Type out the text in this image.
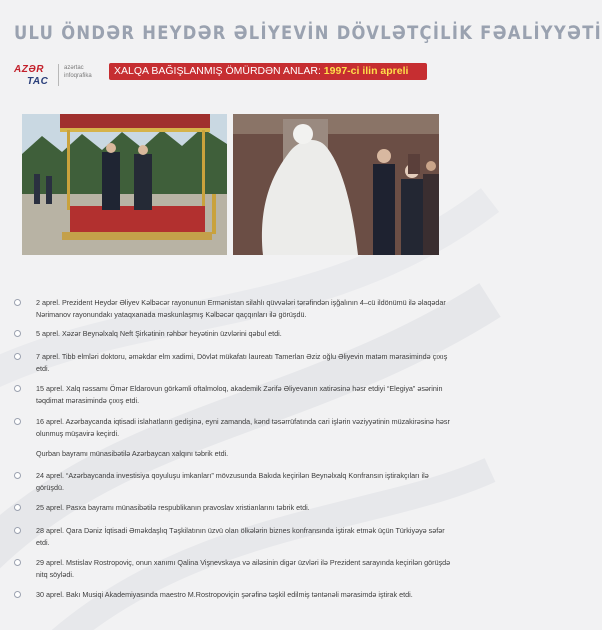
ULU ÖNDƏR HEYDƏR ƏLİYEVİN DÖVLƏTÇİLİK FƏALİYYƏTİ
AZƏR
TAC
azərtac
infoqrafika	XALQA BAĞIŞLANMIŞ ÖMÜRDƏN ANLAR: 1997-ci ilin apreli
2 aprel. Prezident Heydər Əliyev Kəlbəcər rayonunun Ermənistan silahlı qüvvələri tərəfindən işğalının 4–cü ildönümü ilə əlaqədar Nərimanov rayonundakı yataqxanada məskunlaşmış Kəlbəcər qaçqınları ilə görüşdü.
5 aprel. Xəzər Beynəlxalq Neft Şirkətinin rəhbər heyətinin üzvlərini qəbul etdi.
7 aprel. Tibb elmləri doktoru, əməkdar elm xadimi, Dövlət mükafatı laureatı Tamerlan Əziz oğlu Əliyevin matəm mərasimində çıxış etdi.
15 aprel. Xalq rəssamı Ömər Eldarovun görkəmli oftalmoloq, akademik Zərifə Əliyevanın xatirəsinə həsr etdiyi “Elegiya” əsərinin təqdimat mərasimində çıxış etdi.
16 aprel. Azərbaycanda iqtisadi islahatların gedişinə, eyni zamanda, kənd təsərrüfatında cari işlərin vəziyyətinin müzakirəsinə həsr olunmuş müşavirə keçirdi.
Qurban bayramı münasibətilə Azərbaycan xalqını təbrik etdi.
24 aprel. “Azərbaycanda investisiya qoyuluşu imkanları” mövzusunda Bakıda keçirilən Beynəlxalq Konfransın iştirakçıları ilə görüşdü.
25 aprel. Pasxa bayramı münasibətilə respublikanın pravoslav xristianlarını təbrik etdi.
28 aprel. Qara Dəniz İqtisadi Əməkdaşlıq Təşkilatının üzvü olan ölkələrin biznes konfransında iştirak etmək üçün Türkiyəyə səfər etdi.
29 aprel. Mstislav Rostropoviç, onun xanımı Qalina Vişnevskaya və ailəsinin digər üzvləri ilə Prezident sarayında keçirilən görüşdə nitq söylədi.
30 aprel. Bakı Musiqi Akademiyasında maestro M.Rostropoviçin şərəfinə təşkil edilmiş təntənəli mərasimdə iştirak etdi.
